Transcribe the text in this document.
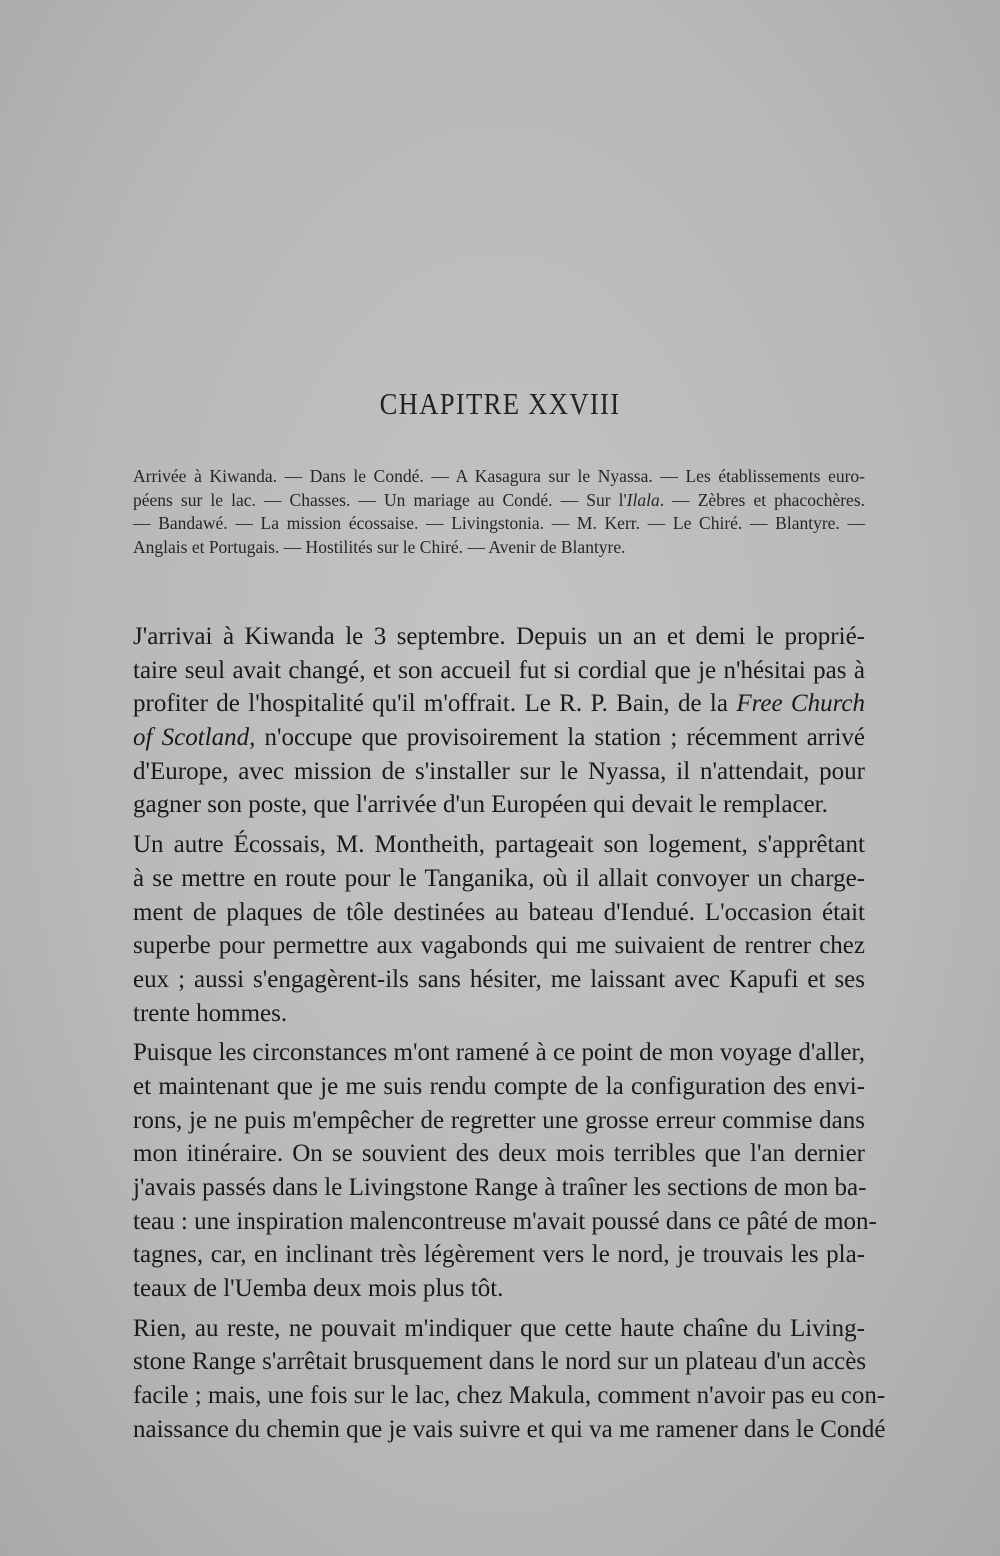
CHAPITRE XXVIII
Arrivée à Kiwanda. — Dans le Condé. — A Kasagura sur le Nyassa. — Les établissements euro-
péens sur le lac. — Chasses. — Un mariage au Condé. — Sur l'Ilala. — Zèbres et phacochères.
— Bandawé. — La mission écossaise. — Livingstonia. — M. Kerr. — Le Chiré. — Blantyre. —
Anglais et Portugais. — Hostilités sur le Chiré. — Avenir de Blantyre.
J'arrivai à Kiwanda le 3 septembre. Depuis un an et demi le proprié-
taire seul avait changé, et son accueil fut si cordial que je n'hésitai pas à
profiter de l'hospitalité qu'il m'offrait. Le R. P. Bain, de la Free Church
of Scotland, n'occupe que provisoirement la station ; récemment arrivé
d'Europe, avec mission de s'installer sur le Nyassa, il n'attendait, pour
gagner son poste, que l'arrivée d'un Européen qui devait le remplacer.
Un autre Écossais, M. Montheith, partageait son logement, s'apprêtant
à se mettre en route pour le Tanganika, où il allait convoyer un charge-
ment de plaques de tôle destinées au bateau d'Iendué. L'occasion était
superbe pour permettre aux vagabonds qui me suivaient de rentrer chez
eux ; aussi s'engagèrent-ils sans hésiter, me laissant avec Kapufi et ses
trente hommes.
Puisque les circonstances m'ont ramené à ce point de mon voyage d'aller,
et maintenant que je me suis rendu compte de la configuration des envi-
rons, je ne puis m'empêcher de regretter une grosse erreur commise dans
mon itinéraire. On se souvient des deux mois terribles que l'an dernier
j'avais passés dans le Livingstone Range à traîner les sections de mon ba-
teau : une inspiration malencontreuse m'avait poussé dans ce pâté de mon-
tagnes, car, en inclinant très légèrement vers le nord, je trouvais les pla-
teaux de l'Uemba deux mois plus tôt.
Rien, au reste, ne pouvait m'indiquer que cette haute chaîne du Living-
stone Range s'arrêtait brusquement dans le nord sur un plateau d'un accès
facile ; mais, une fois sur le lac, chez Makula, comment n'avoir pas eu con-
naissance du chemin que je vais suivre et qui va me ramener dans le Condé
